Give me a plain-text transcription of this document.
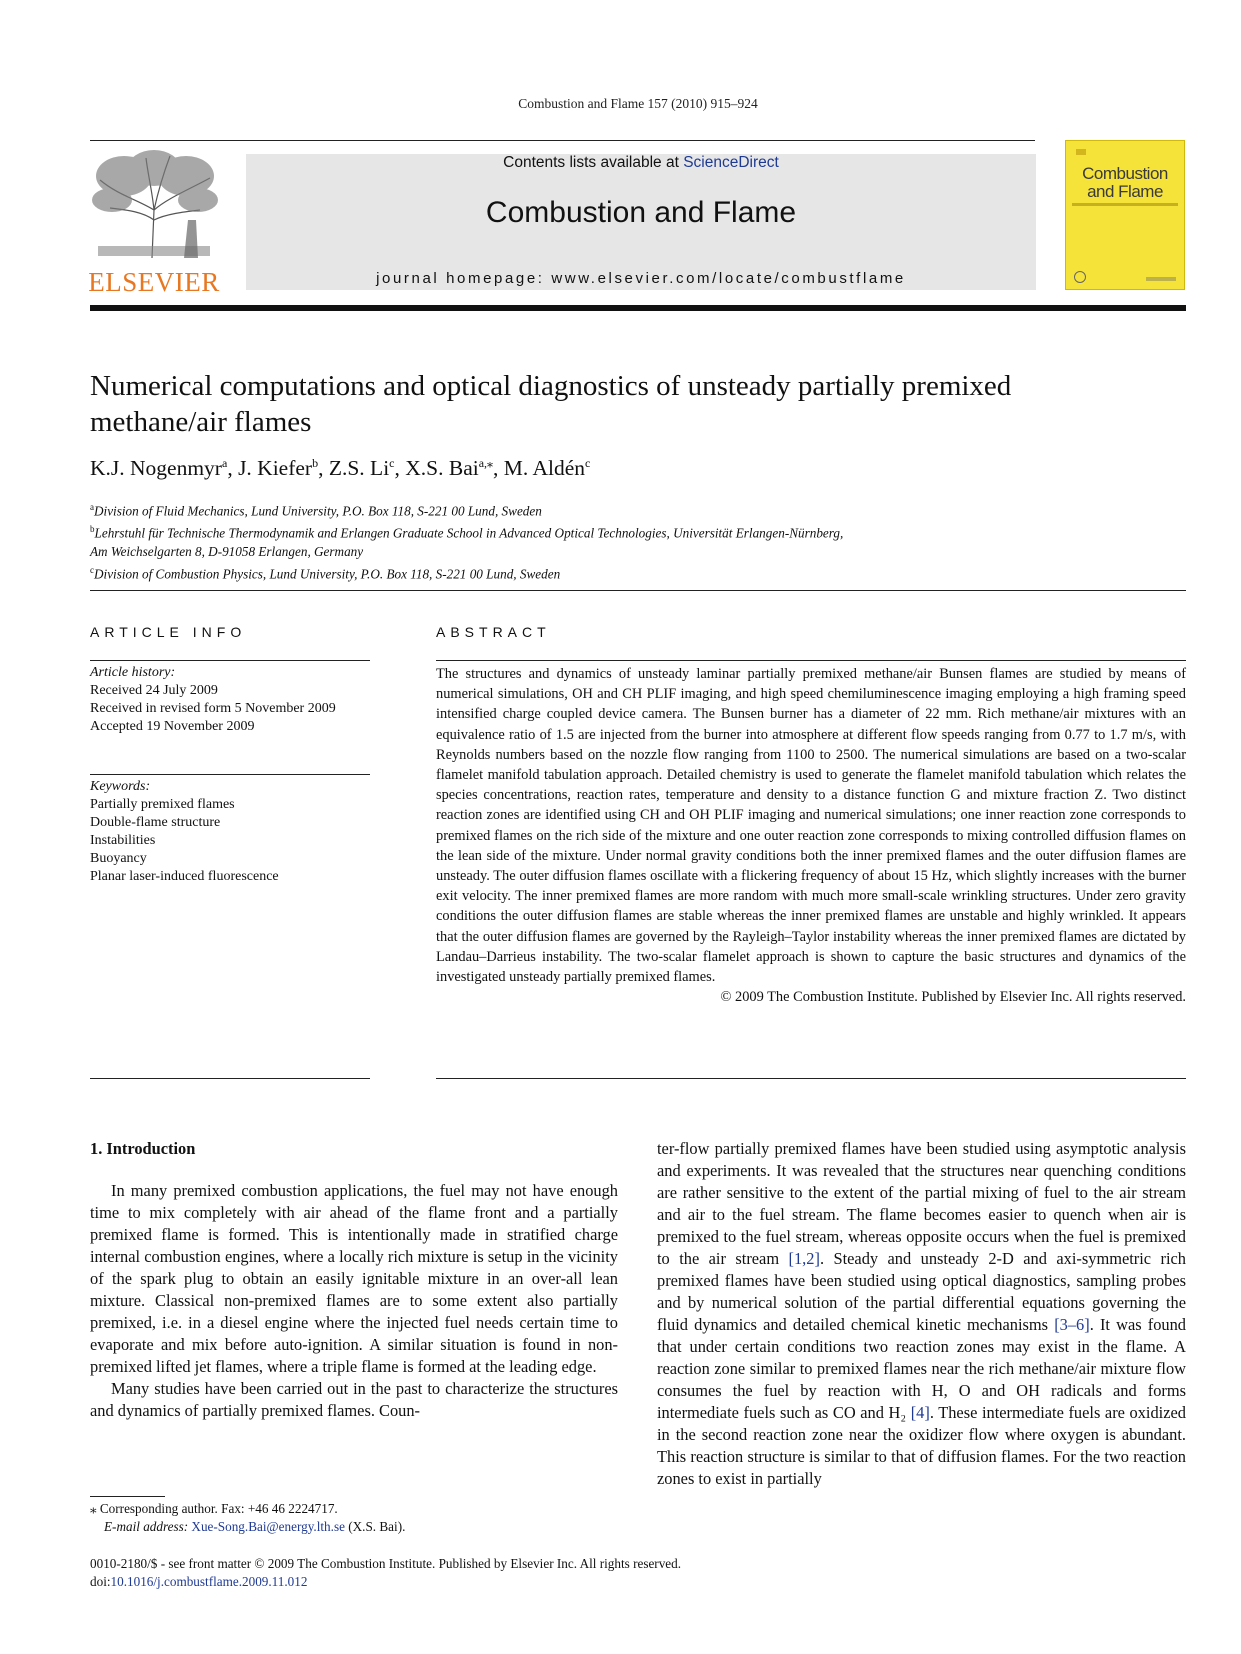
Combustion and Flame 157 (2010) 915–924
ELSEVIER
Contents lists available at ScienceDirect
Combustion and Flame
journal homepage: www.elsevier.com/locate/combustflame
Combustion and Flame
Numerical computations and optical diagnostics of unsteady partially premixed methane/air flames
K.J. Nogenmyr$^a$, J. Kiefer$^b$, Z.S. Li$^c$, X.S. Bai$^{a,⁎}$, M. Aldén$^c$
$^a$Division of Fluid Mechanics, Lund University, P.O. Box 118, S-221 00 Lund, Sweden
$^b$Lehrstuhl für Technische Thermodynamik and Erlangen Graduate School in Advanced Optical Technologies, Universität Erlangen-Nürnberg,
Am Weichselgarten 8, D-91058 Erlangen, Germany
$^c$Division of Combustion Physics, Lund University, P.O. Box 118, S-221 00 Lund, Sweden
ARTICLE INFO	ABSTRACT
Article history:
Received 24 July 2009
Received in revised form 5 November 2009
Accepted 19 November 2009
Keywords:
Partially premixed flames
Double-flame structure
Instabilities
Buoyancy
Planar laser-induced fluorescence
The structures and dynamics of unsteady laminar partially premixed methane/air Bunsen flames are studied by means of numerical simulations, OH and CH PLIF imaging, and high speed chemiluminescence imaging employing a high framing speed intensified charge coupled device camera. The Bunsen burner has a diameter of 22 mm. Rich methane/air mixtures with an equivalence ratio of 1.5 are injected from the burner into atmosphere at different flow speeds ranging from 0.77 to 1.7 m/s, with Reynolds numbers based on the nozzle flow ranging from 1100 to 2500. The numerical simulations are based on a two-scalar flamelet manifold tabulation approach. Detailed chemistry is used to generate the flamelet manifold tabulation which relates the species concentrations, reaction rates, temperature and density to a distance function G and mixture fraction Z. Two distinct reaction zones are identified using CH and OH PLIF imaging and numerical simulations; one inner reaction zone corresponds to premixed flames on the rich side of the mixture and one outer reaction zone corresponds to mixing controlled diffusion flames on the lean side of the mixture. Under normal gravity conditions both the inner premixed flames and the outer diffusion flames are unsteady. The outer diffusion flames oscillate with a flickering frequency of about 15 Hz, which slightly increases with the burner exit velocity. The inner premixed flames are more random with much more small-scale wrinkling structures. Under zero gravity conditions the outer diffusion flames are stable whereas the inner premixed flames are unstable and highly wrinkled. It appears that the outer diffusion flames are governed by the Rayleigh–Taylor instability whereas the inner premixed flames are dictated by Landau–Darrieus instability. The two-scalar flamelet approach is shown to capture the basic structures and dynamics of the investigated unsteady partially premixed flames.
© 2009 The Combustion Institute. Published by Elsevier Inc. All rights reserved.
1. Introduction

In many premixed combustion applications, the fuel may not have enough time to mix completely with air ahead of the flame front and a partially premixed flame is formed. This is intentionally made in stratified charge internal combustion engines, where a locally rich mixture is setup in the vicinity of the spark plug to obtain an easily ignitable mixture in an over-all lean mixture. Classical non-premixed flames are to some extent also partially premixed, i.e. in a diesel engine where the injected fuel needs certain time to evaporate and mix before auto-ignition. A similar situation is found in non-premixed lifted jet flames, where a triple flame is formed at the leading edge.

Many studies have been carried out in the past to characterize the structures and dynamics of partially premixed flames. Coun-

ter-flow partially premixed flames have been studied using asymptotic analysis and experiments. It was revealed that the structures near quenching conditions are rather sensitive to the extent of the partial mixing of fuel to the air stream and air to the fuel stream. The flame becomes easier to quench when air is premixed to the fuel stream, whereas opposite occurs when the fuel is premixed to the air stream [1,2]. Steady and unsteady 2-D and axi-symmetric rich premixed flames have been studied using optical diagnostics, sampling probes and by numerical solution of the partial differential equations governing the fluid dynamics and detailed chemical kinetic mechanisms [3–6]. It was found that under certain conditions two reaction zones may exist in the flame. A reaction zone similar to premixed flames near the rich methane/air mixture flow consumes the fuel by reaction with H, O and OH radicals and forms intermediate fuels such as CO and H₂ [4]. These intermediate fuels are oxidized in the second reaction zone near the oxidizer flow where oxygen is abundant. This reaction structure is similar to that of diffusion flames. For the two reaction zones to exist in partially

⁎ Corresponding author. Fax: +46 46 2224717.
E-mail address: Xue-Song.Bai@energy.lth.se (X.S. Bai).
0010-2180/$ - see front matter © 2009 The Combustion Institute. Published by Elsevier Inc. All rights reserved.
doi:10.1016/j.combustflame.2009.11.012
